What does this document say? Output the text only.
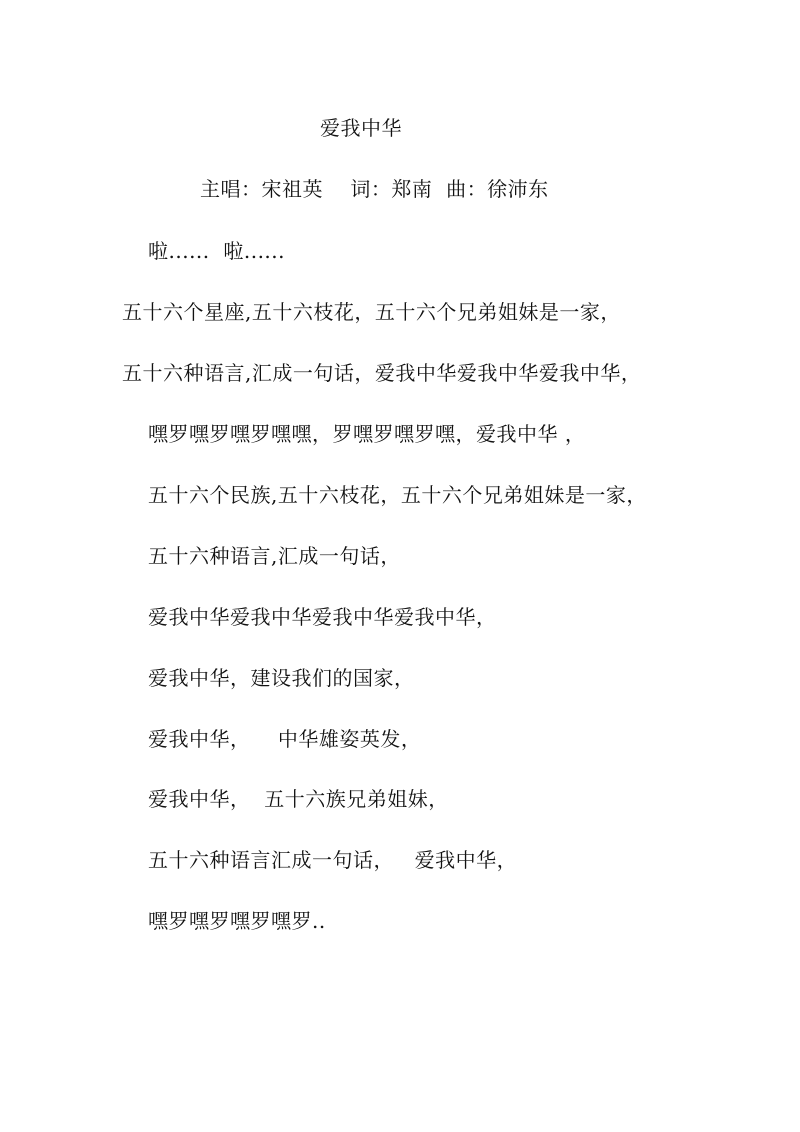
爱我中华
主唱：宋祖英    词：郑南  曲：徐沛东
啦......  啦......
五十六个星座,五十六枝花，五十六个兄弟姐妹是一家，
五十六种语言,汇成一句话，爱我中华爱我中华爱我中华，
嘿罗嘿罗嘿罗嘿嘿，罗嘿罗嘿罗嘿，爱我中华 ，
五十六个民族,五十六枝花，五十六个兄弟姐妹是一家，
五十六种语言,汇成一句话，
爱我中华爱我中华爱我中华爱我中华，
爱我中华，建设我们的国家，
爱我中华，    中华雄姿英发，
爱我中华，  五十六族兄弟姐妹，
五十六种语言汇成一句话，   爱我中华，
嘿罗嘿罗嘿罗嘿罗..
